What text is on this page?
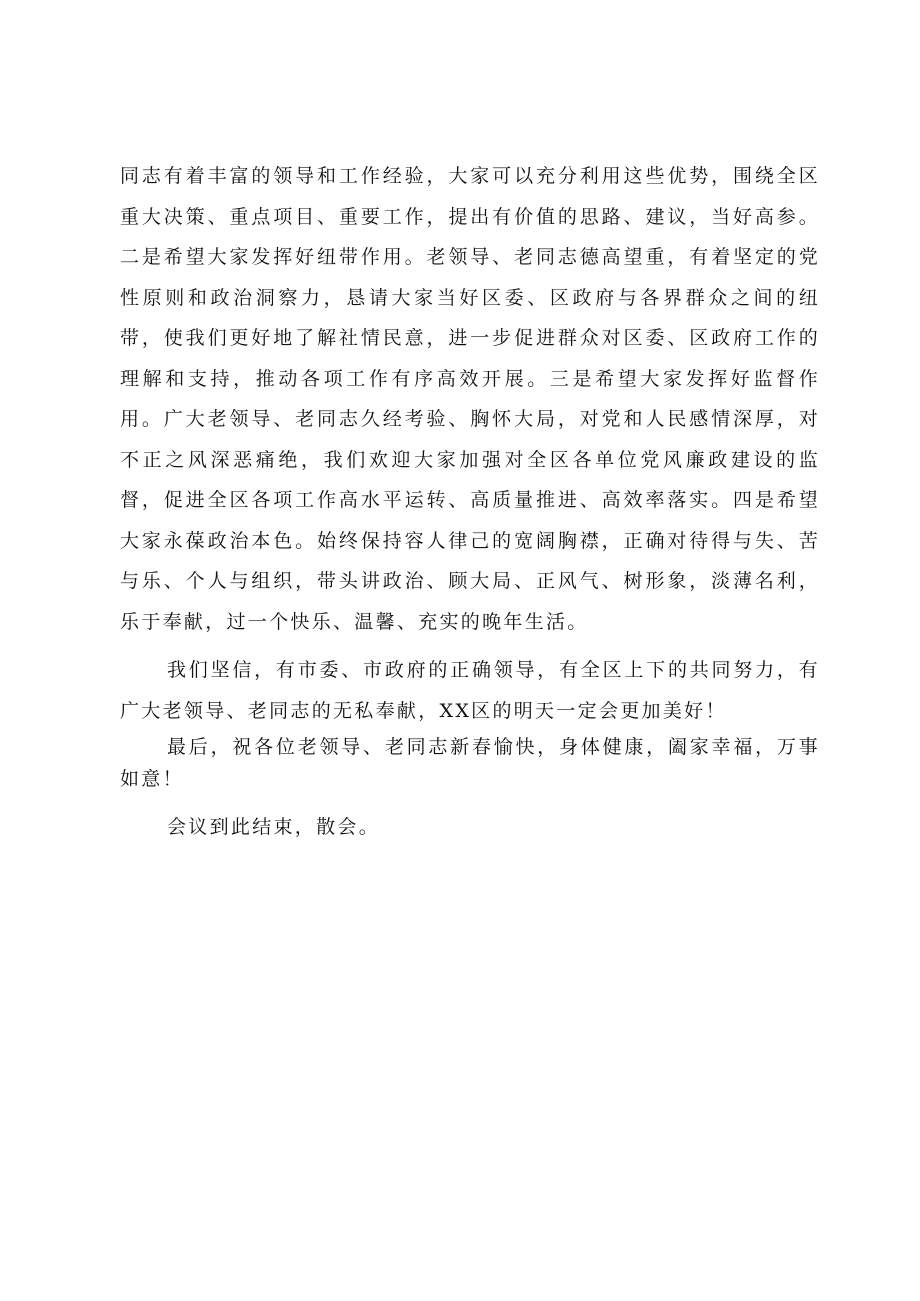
同志有着丰富的领导和工作经验，大家可以充分利用这些优势，围绕全区重大决策、重点项目、重要工作，提出有价值的思路、建议，当好高参。二是希望大家发挥好纽带作用。老领导、老同志德高望重，有着坚定的党性原则和政治洞察力，恳请大家当好区委、区政府与各界群众之间的纽带，使我们更好地了解社情民意，进一步促进群众对区委、区政府工作的理解和支持，推动各项工作有序高效开展。三是希望大家发挥好监督作用。广大老领导、老同志久经考验、胸怀大局，对党和人民感情深厚，对不正之风深恶痛绝，我们欢迎大家加强对全区各单位党风廉政建设的监督，促进全区各项工作高水平运转、高质量推进、高效率落实。四是希望大家永葆政治本色。始终保持容人律己的宽阔胸襟，正确对待得与失、苦与乐、个人与组织，带头讲政治、顾大局、正风气、树形象，淡薄名利，乐于奉献，过一个快乐、温馨、充实的晚年生活。

我们坚信，有市委、市政府的正确领导，有全区上下的共同努力，有广大老领导、老同志的无私奉献，XX区的明天一定会更加美好！

最后，祝各位老领导、老同志新春愉快，身体健康，阖家幸福，万事如意！

会议到此结束，散会。
